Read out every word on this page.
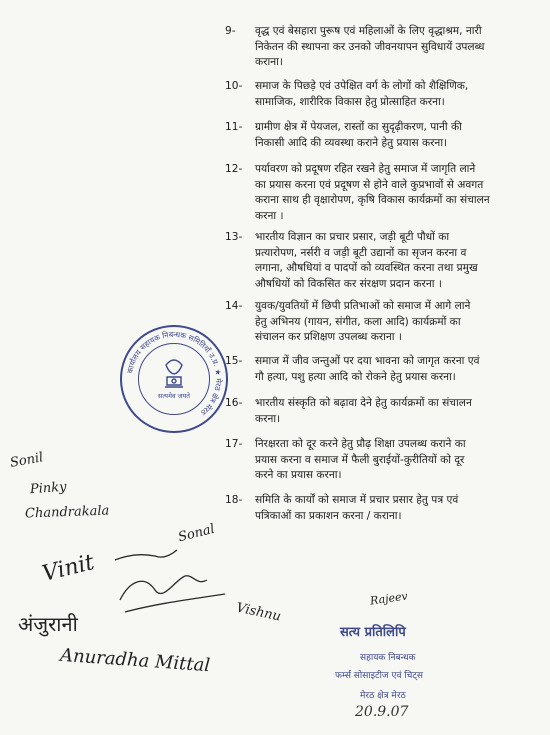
9- वृद्ध एवं बेसहारा पुरूष एवं महिलाओं के लिए वृद्धाश्रम, नारी
निकेतन की स्थापना कर उनको जीवनयापन सुविधायें उपलब्ध
कराना।
10- समाज के पिछड़े एवं उपेक्षित वर्ग के लोगों को शैक्षिणिक,
सामाजिक, शारीरिक विकास हेतु प्रोत्साहित करना।
11- ग्रामीण क्षेत्र में पेयजल, रास्तों का सुदृढ़ीकरण, पानी की
निकासी आदि की व्यवस्था कराने हेतु प्रयास करना।
12- पर्यावरण को प्रदूषण रहित रखने हेतु समाज में जागृति लाने
का प्रयास करना एवं प्रदूषण से होने वाले कुप्रभावों से अवगत
कराना साथ ही वृक्षारोपण, कृषि विकास कार्यक्रमों का संचालन
करना ।
13- भारतीय विज्ञान का प्रचार प्रसार, जड़ी बूटी पौधों का
प्रत्यारोपण, नर्सरी व जड़ी बूटी उद्यानों का सृजन करना व
लगाना, औषधियां व पादपों को व्यवस्थित करना तथा प्रमुख
औषधियों को विकसित कर संरक्षण प्रदान करना ।
14- युवक/युवतियों में छिपी प्रतिभाओं को समाज में आगे लाने
हेतु अभिनय (गायन, संगीत, कला आदि) कार्यक्रमों का
संचालन कर प्रशिक्षण उपलब्ध कराना ।
15- समाज में जीव जन्तुओं पर दया भावना को जागृत करना एवं
गौ हत्या, पशु हत्या आदि को रोकने हेतु प्रयास करना।
16- भारतीय संस्कृति को बढ़ावा देने हेतु कार्यक्रमों का संचालन
करना।
17- निरक्षरता को दूर करने हेतु प्रौढ़ शिक्षा उपलब्ध कराने का
प्रयास करना व समाज में फैली बुराईयों-कुरीतियों को दूर
करने का प्रयास करना।
18- समिति के कार्यों को समाज में प्रचार प्रसार हेतु पत्र एवं
पत्रिकाओं का प्रकाशन करना / कराना।
कार्यालय सहायक निबन्धक समितियाँ उ.प्र. ★ मेरठ क्षेत्र मेरठ
सत्यमेव जयते
Sonil
Pinky
Chandrakala
Sonal
Vinit
अंजुरानी
Anuradha Mittal
Vishnu
Rajeev
सत्य प्रतिलिपि
सहायक निबन्धक
फर्म्स सोसाइटीज एवं चिट्स
मेरठ क्षेत्र मेरठ
20.9.07
